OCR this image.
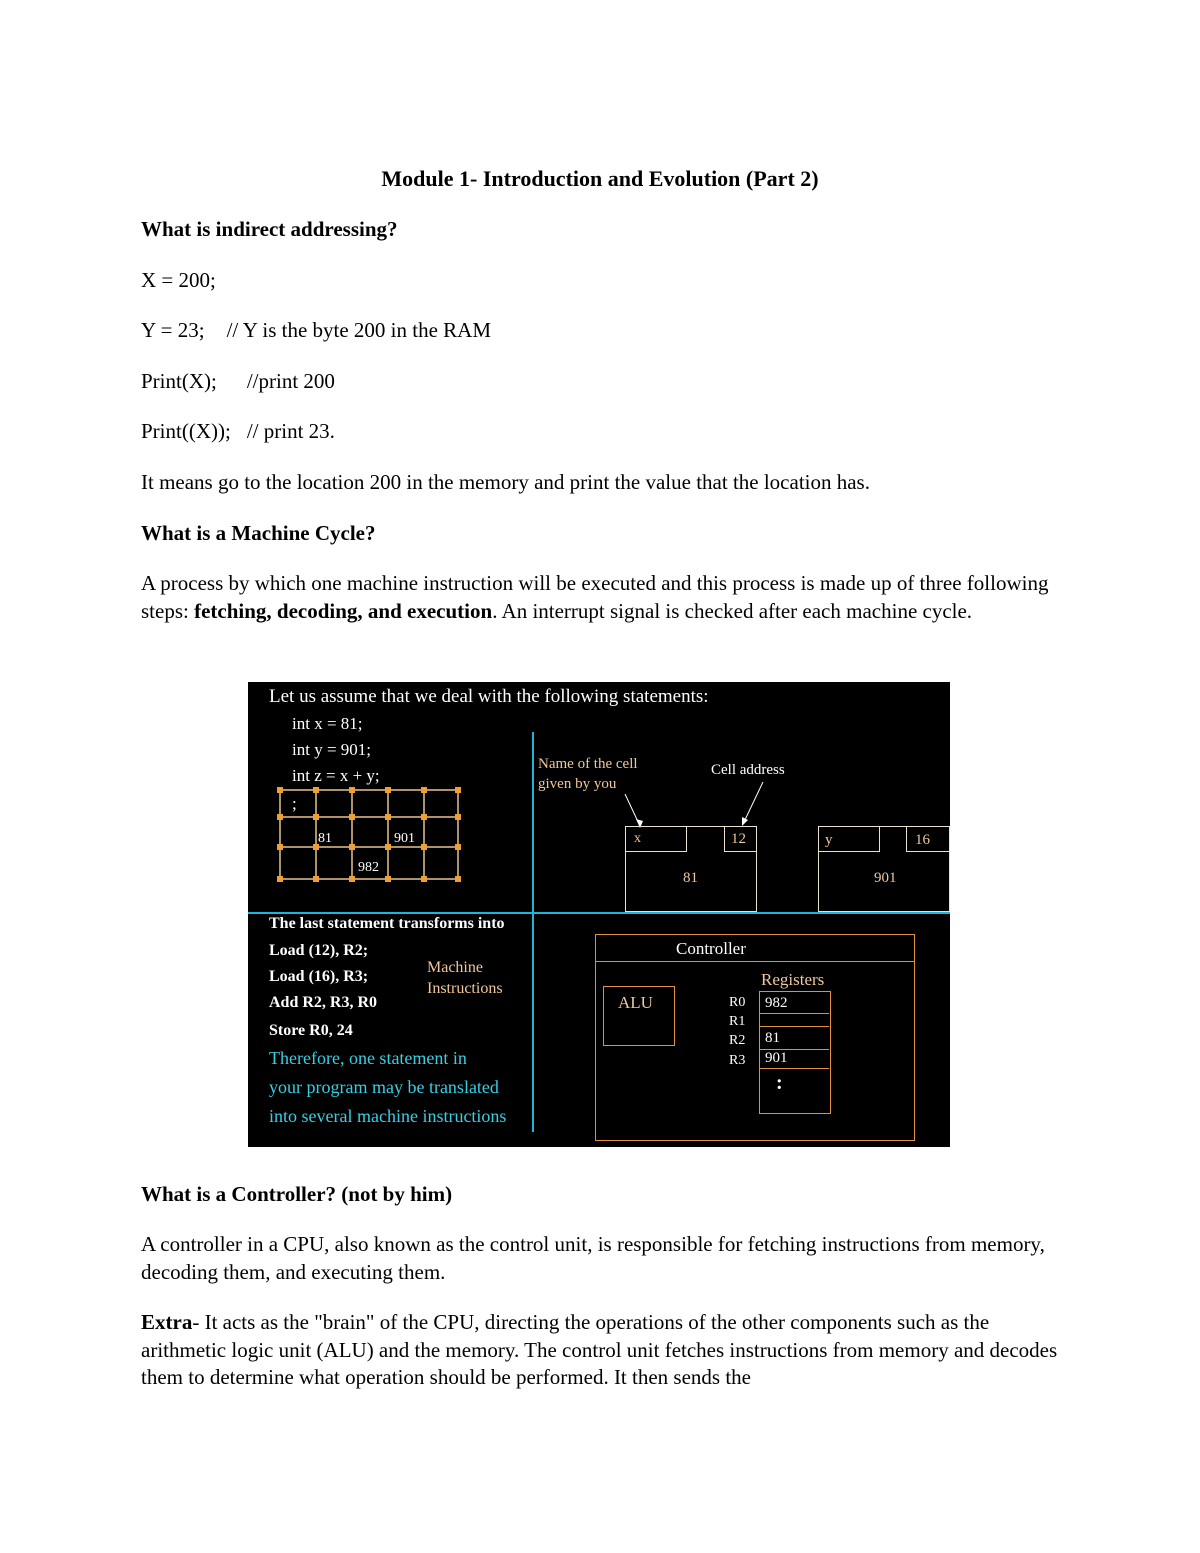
Module 1- Introduction and Evolution (Part 2)
What is indirect addressing?
X = 200;
Y = 23; // Y is the byte 200 in the RAM
Print(X); //print 200
Print((X)); // print 23.
It means go to the location 200 in the memory and print the value that the location has.
What is a Machine Cycle?
A process by which one machine instruction will be executed and this process is made up of three following steps: fetching, decoding, and execution. An interrupt signal is checked after each machine cycle.
Let us assume that we deal with the following statements:
int x = 81;
int y = 901;
int z = x + y;
;
81	901
982
Name of the cell
given by you
Cell address
x	12
81
y	16
901
The last statement transforms into
Load (12), R2;
Load (16), R3;
Add R2, R3, R0
Store R0, 24
Machine
Instructions
Therefore, one statement in
your program may be translated
into several machine instructions
Controller
ALU
Registers
R0 982
R1
R2 81
R3 901
:
What is a Controller? (not by him)
A controller in a CPU, also known as the control unit, is responsible for fetching instructions from memory, decoding them, and executing them.
Extra- It acts as the "brain" of the CPU, directing the operations of the other components such as the arithmetic logic unit (ALU) and the memory. The control unit fetches instructions from memory and decodes them to determine what operation should be performed. It then sends the
